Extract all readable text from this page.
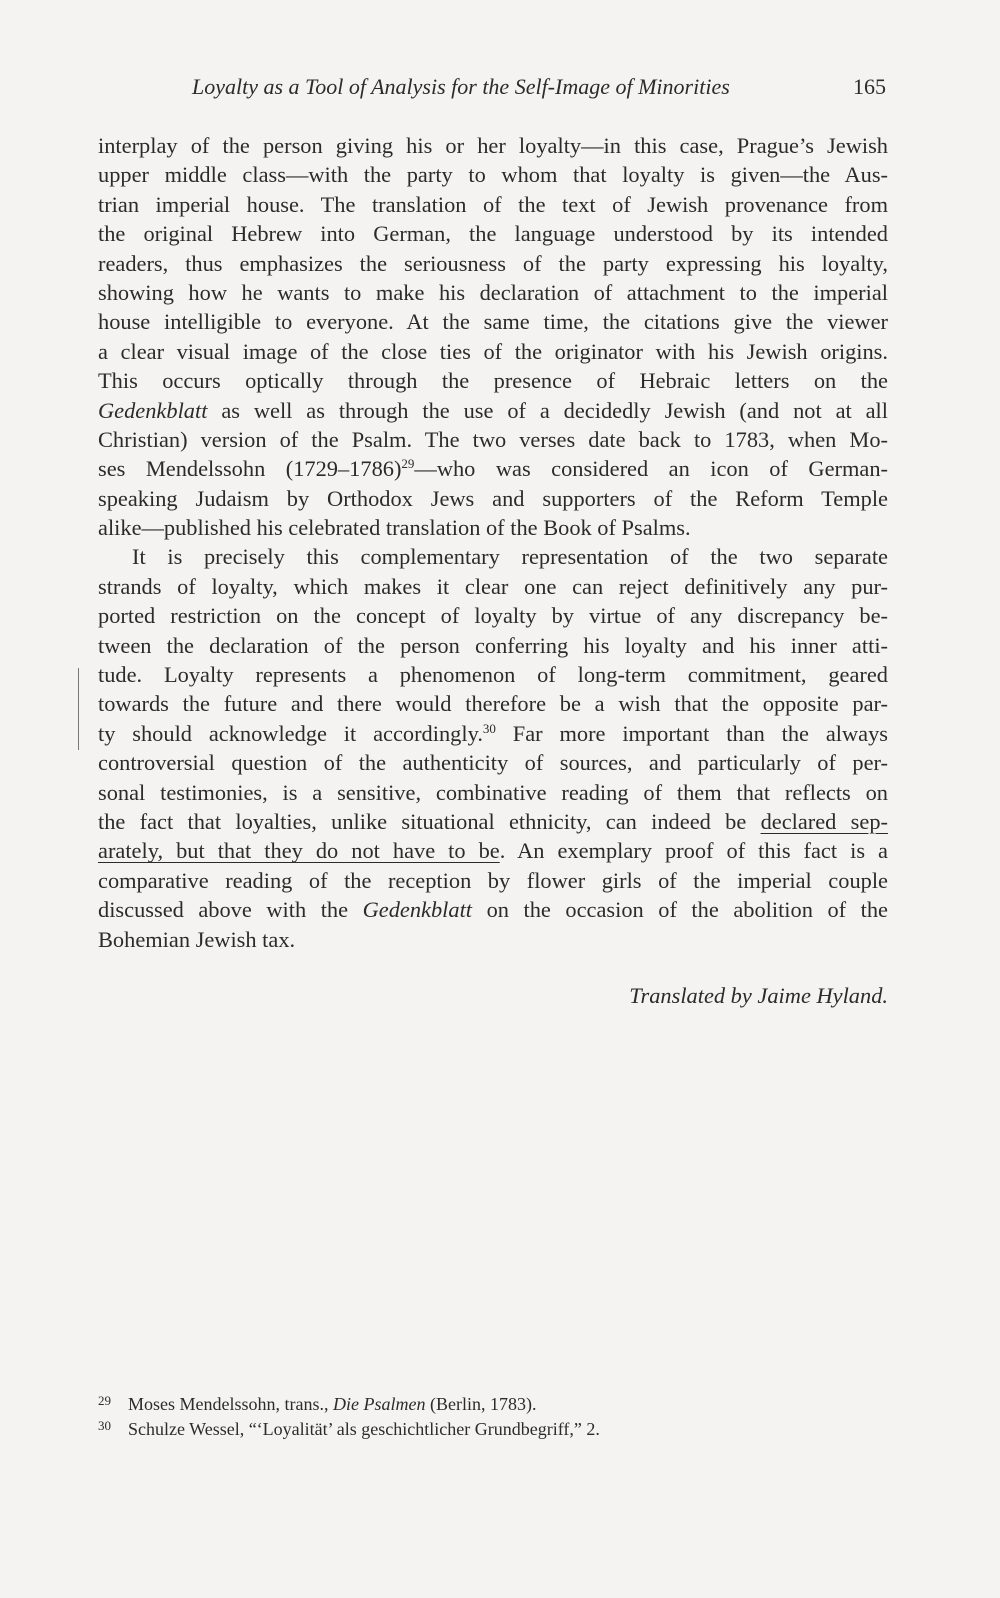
Loyalty as a Tool of Analysis for the Self-Image of Minorities	165
interplay of the person giving his or her loyalty—in this case, Prague’s Jewish
upper middle class—with the party to whom that loyalty is given—the Aus-
trian imperial house. The translation of the text of Jewish provenance from
the original Hebrew into German, the language understood by its intended
readers, thus emphasizes the seriousness of the party expressing his loyalty,
showing how he wants to make his declaration of attachment to the imperial
house intelligible to everyone. At the same time, the citations give the viewer
a clear visual image of the close ties of the originator with his Jewish origins.
This occurs optically through the presence of Hebraic letters on the
Gedenkblatt as well as through the use of a decidedly Jewish (and not at all
Christian) version of the Psalm. The two verses date back to 1783, when Mo-
ses Mendelssohn (1729–1786)$^{29}$—who was considered an icon of German-
speaking Judaism by Orthodox Jews and supporters of the Reform Temple
alike—published his celebrated translation of the Book of Psalms.
It is precisely this complementary representation of the two separate
strands of loyalty, which makes it clear one can reject definitively any pur-
ported restriction on the concept of loyalty by virtue of any discrepancy be-
tween the declaration of the person conferring his loyalty and his inner atti-
tude. Loyalty represents a phenomenon of long-term commitment, geared
towards the future and there would therefore be a wish that the opposite par-
ty should acknowledge it accordingly.$^{30}$ Far more important than the always
controversial question of the authenticity of sources, and particularly of per-
sonal testimonies, is a sensitive, combinative reading of them that reflects on
the fact that loyalties, unlike situational ethnicity, can indeed be declared sep-
arately, but that they do not have to be. An exemplary proof of this fact is a
comparative reading of the reception by flower girls of the imperial couple
discussed above with the Gedenkblatt on the occasion of the abolition of the
Bohemian Jewish tax.
Translated by Jaime Hyland.
29 Moses Mendelssohn, trans., Die Psalmen (Berlin, 1783).
30 Schulze Wessel, “‘Loyalität’ als geschichtlicher Grundbegriff,” 2.
